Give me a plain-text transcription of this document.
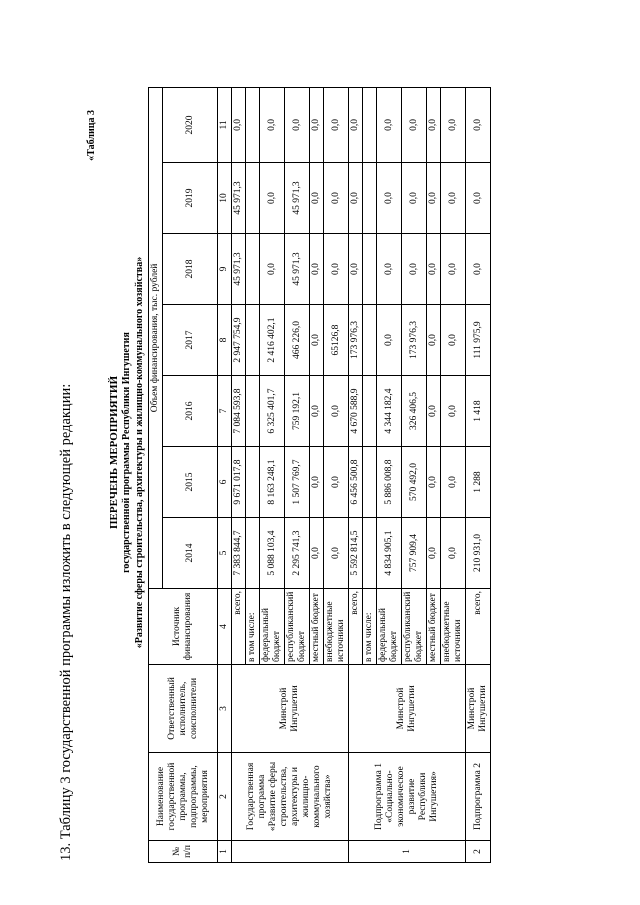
13. Таблицу 3 государственной программы изложить в следующей редакции:
«Таблица 3
ПЕРЕЧЕНЬ МЕРОПРИЯТИЙ государственной программы Республики Ингушетия «Развитие сферы строительства, архитектуры и жилищно-коммунального хозяйства»
№ п/п	Наименование государственной программы, подпрограммы, мероприятия	Ответственный исполнитель, соисполнители	Источник финансирования	Объем финансирования, тыс. рублей						
				2014	2015	2016	2017	2018	2019	2020
1	2	3	4	5	6	7	8	9	10	11
	Государственная программа «Развитие сферы строительства, архитектуры и жилищно-коммунального хозяйства»	Минстрой Ингушетии	всего,	7 383 844,7	9 671 017,8	7 084 593,8	2 947 754,9	45 971,3	45 971,3	0,0
			в том числе:							
			федеральный бюджет	5 088 103,4	8 163 248,1	6 325 401,7	2 416 402,1	0,0	0,0	0,0
			республиканский бюджет	2 295 741,3	1 507 769,7	759 192,1	466 226,0	45 971,3	45 971,3	0,0
			местный бюджет	0,0	0,0	0,0	0,0	0,0	0,0	0,0
			внебюджетные источники	0,0	0,0	0,0	65126,8	0,0	0,0	0,0
1	Подпрограмма 1 «Социально-экономическое развитие Республики Ингушетия»	Минстрой Ингушетии	всего,	5 592 814,5	6 456 500,8	4 670 588,9	173 976,3	0,0	0,0	0,0
			в том числе:							
			федеральный бюджет	4 834 905,1	5 886 008,8	4 344 182,4	0,0	0,0	0,0	0,0
			республиканский бюджет	757 909,4	570 492,0	326 406,5	173 976,3	0,0	0,0	0,0
			местный бюджет	0,0	0,0	0,0	0,0	0,0	0,0	0,0
			внебюджетные источники	0,0	0,0	0,0	0,0	0,0	0,0	0,0
2	Подпрограмма 2	Минстрой Ингушетии	всего,	210 931,0	1 288	1 418	111 975,9	0,0	0,0	0,0
